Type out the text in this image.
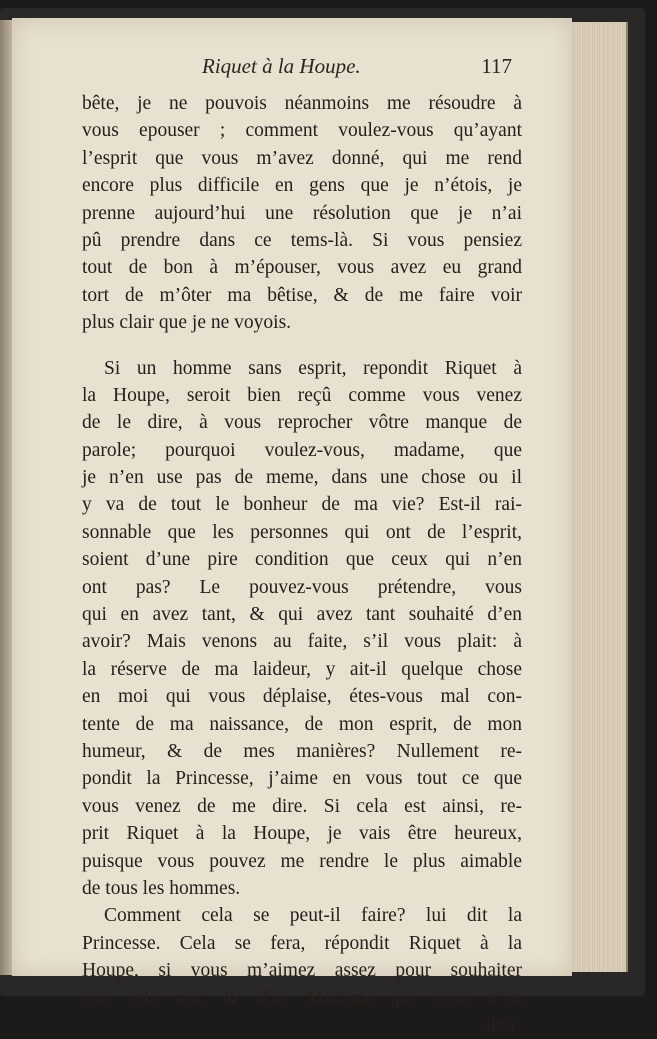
Riquet à la Houpe.	117
bête, je ne pouvois néanmoins me résoudre à
vous epouser ; comment voulez-vous qu’ayant
l’esprit que vous m’avez donné, qui me rend
encore plus difficile en gens que je n’étois, je
prenne aujourd’hui une résolution que je n’ai
pû prendre dans ce tems-là. Si vous pensiez
tout de bon à m’épouser, vous avez eu grand
tort de m’ôter ma bêtise, & de me faire voir
plus clair que je ne voyois.
Si un homme sans esprit, repondit Riquet à
la Houpe, seroit bien reçû comme vous venez
de le dire, à vous reprocher vôtre manque de
parole; pourquoi voulez-vous, madame, que
je n’en use pas de meme, dans une chose ou il
y va de tout le bonheur de ma vie? Est-il rai-
sonnable que les personnes qui ont de l’esprit,
soient d’une pire condition que ceux qui n’en
ont pas? Le pouvez-vous prétendre, vous
qui en avez tant, & qui avez tant souhaité d’en
avoir? Mais venons au faite, s’il vous plait: à
la réserve de ma laideur, y ait-il quelque chose
en moi qui vous déplaise, étes-vous mal con-
tente de ma naissance, de mon esprit, de mon
humeur, & de mes manières? Nullement re-
pondit la Princesse, j’aime en vous tout ce que
vous venez de me dire. Si cela est ainsi, re-
prit Riquet à la Houpe, je vais être heureux,
puisque vous pouvez me rendre le plus aimable
de tous les hommes.
Comment cela se peut-il faire? lui dit la
Princesse. Cela se fera, répondit Riquet à la
Houpe, si vous m’aimez assez pour souhaiter
que cela soit; & afin, Madame que vous n’en
dou-
